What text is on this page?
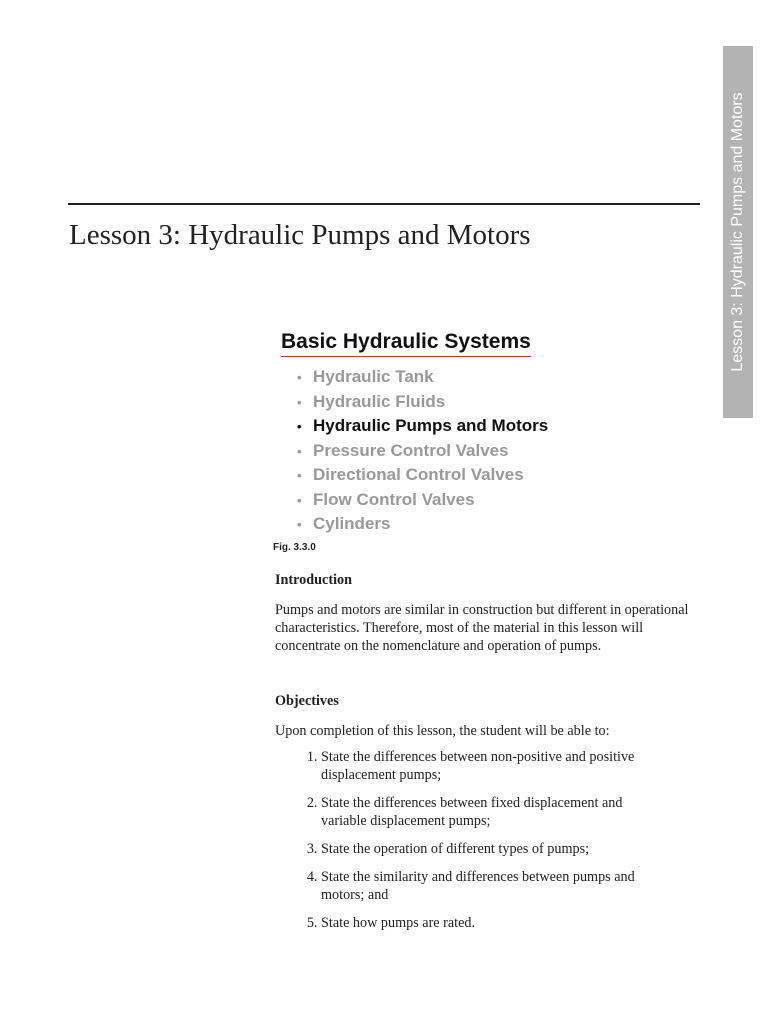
Lesson 3: Hydraulic Pumps and Motors
Lesson 3: Hydraulic Pumps and Motors
Basic Hydraulic Systems
• Hydraulic Tank
• Hydraulic Fluids
• Hydraulic Pumps and Motors
• Pressure Control Valves
• Directional Control Valves
• Flow Control Valves
• Cylinders
Fig. 3.3.0
Introduction
Pumps and motors are similar in construction but different in operational characteristics. Therefore, most of the material in this lesson will concentrate on the nomenclature and operation of pumps.
Objectives
Upon completion of this lesson, the student will be able to:
1. State the differences between non-positive and positive displacement pumps;
2. State the differences between fixed displacement and variable displacement pumps;
3. State the operation of different types of pumps;
4. State the similarity and differences between pumps and motors; and
5. State how pumps are rated.
